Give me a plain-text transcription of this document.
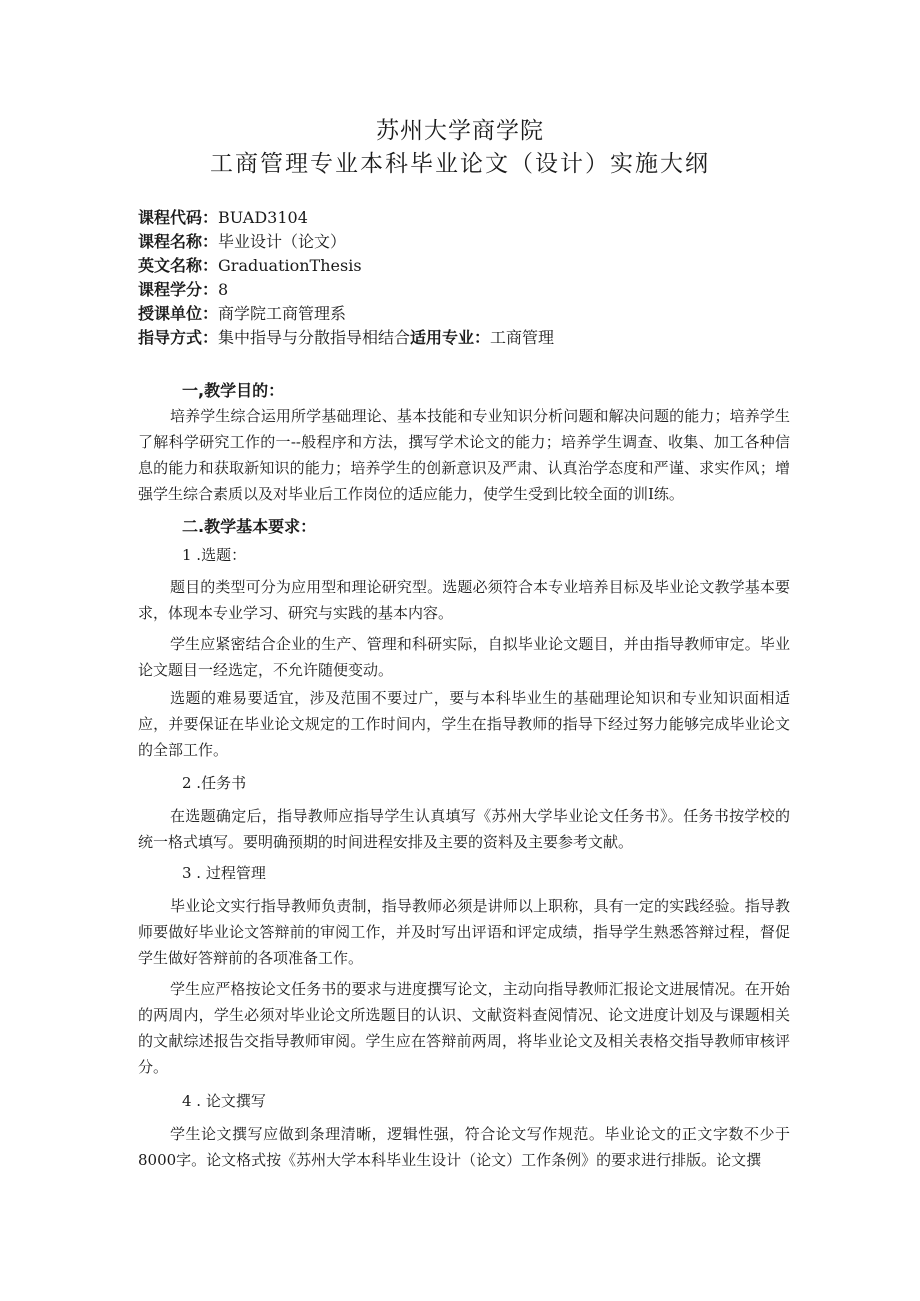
苏州大学商学院
工商管理专业本科毕业论文（设计）实施大纲
课程代码：BUAD3104
课程名称：毕业设计（论文）
英文名称：GraduationThesis
课程学分：8
授课单位：商学院工商管理系
指导方式：集中指导与分散指导相结合适用专业：工商管理
一,教学目的：

培养学生综合运用所学基础理论、基本技能和专业知识分析问题和解决问题的能力；培养学生了解科学研究工作的一--般程序和方法，撰写学术论文的能力；培养学生调查、收集、加工各种信息的能力和获取新知识的能力；培养学生的创新意识及严肃、认真治学态度和严谨、求实作风；增强学生综合素质以及对毕业后工作岗位的适应能力，使学生受到比较全面的训I练。

二.教学基本要求：
1 .选题：

题目的类型可分为应用型和理论研究型。选题必须符合本专业培养目标及毕业论文教学基本要求，体现本专业学习、研究与实践的基本内容。

学生应紧密结合企业的生产、管理和科研实际，自拟毕业论文题目，并由指导教师审定。毕业论文题目一经选定，不允许随便变动。

选题的难易要适宜，涉及范围不要过广，要与本科毕业生的基础理论知识和专业知识面相适应，并要保证在毕业论文规定的工作时间内，学生在指导教师的指导下经过努力能够完成毕业论文的全部工作。

2 .任务书

在选题确定后，指导教师应指导学生认真填写《苏州大学毕业论文任务书》。任务书按学校的统一格式填写。要明确预期的时间进程安排及主要的资料及主要参考文献。

3 . 过程管理

毕业论文实行指导教师负责制，指导教师必须是讲师以上职称，具有一定的实践经验。指导教师要做好毕业论文答辩前的审阅工作，并及时写出评语和评定成绩，指导学生熟悉答辩过程，督促学生做好答辩前的各项准备工作。

学生应严格按论文任务书的要求与进度撰写论文，主动向指导教师汇报论文进展情况。在开始的两周内，学生必须对毕业论文所选题目的认识、文献资料查阅情况、论文进度计划及与课题相关的文献综述报告交指导教师审阅。学生应在答辩前两周，将毕业论文及相关表格交指导教师审核评分。

4 . 论文撰写

学生论文撰写应做到条理清晰，逻辑性强，符合论文写作规范。毕业论文的正文字数不少于8000字。论文格式按《苏州大学本科毕业生设计（论文）工作条例》的要求进行排版。论文撰
